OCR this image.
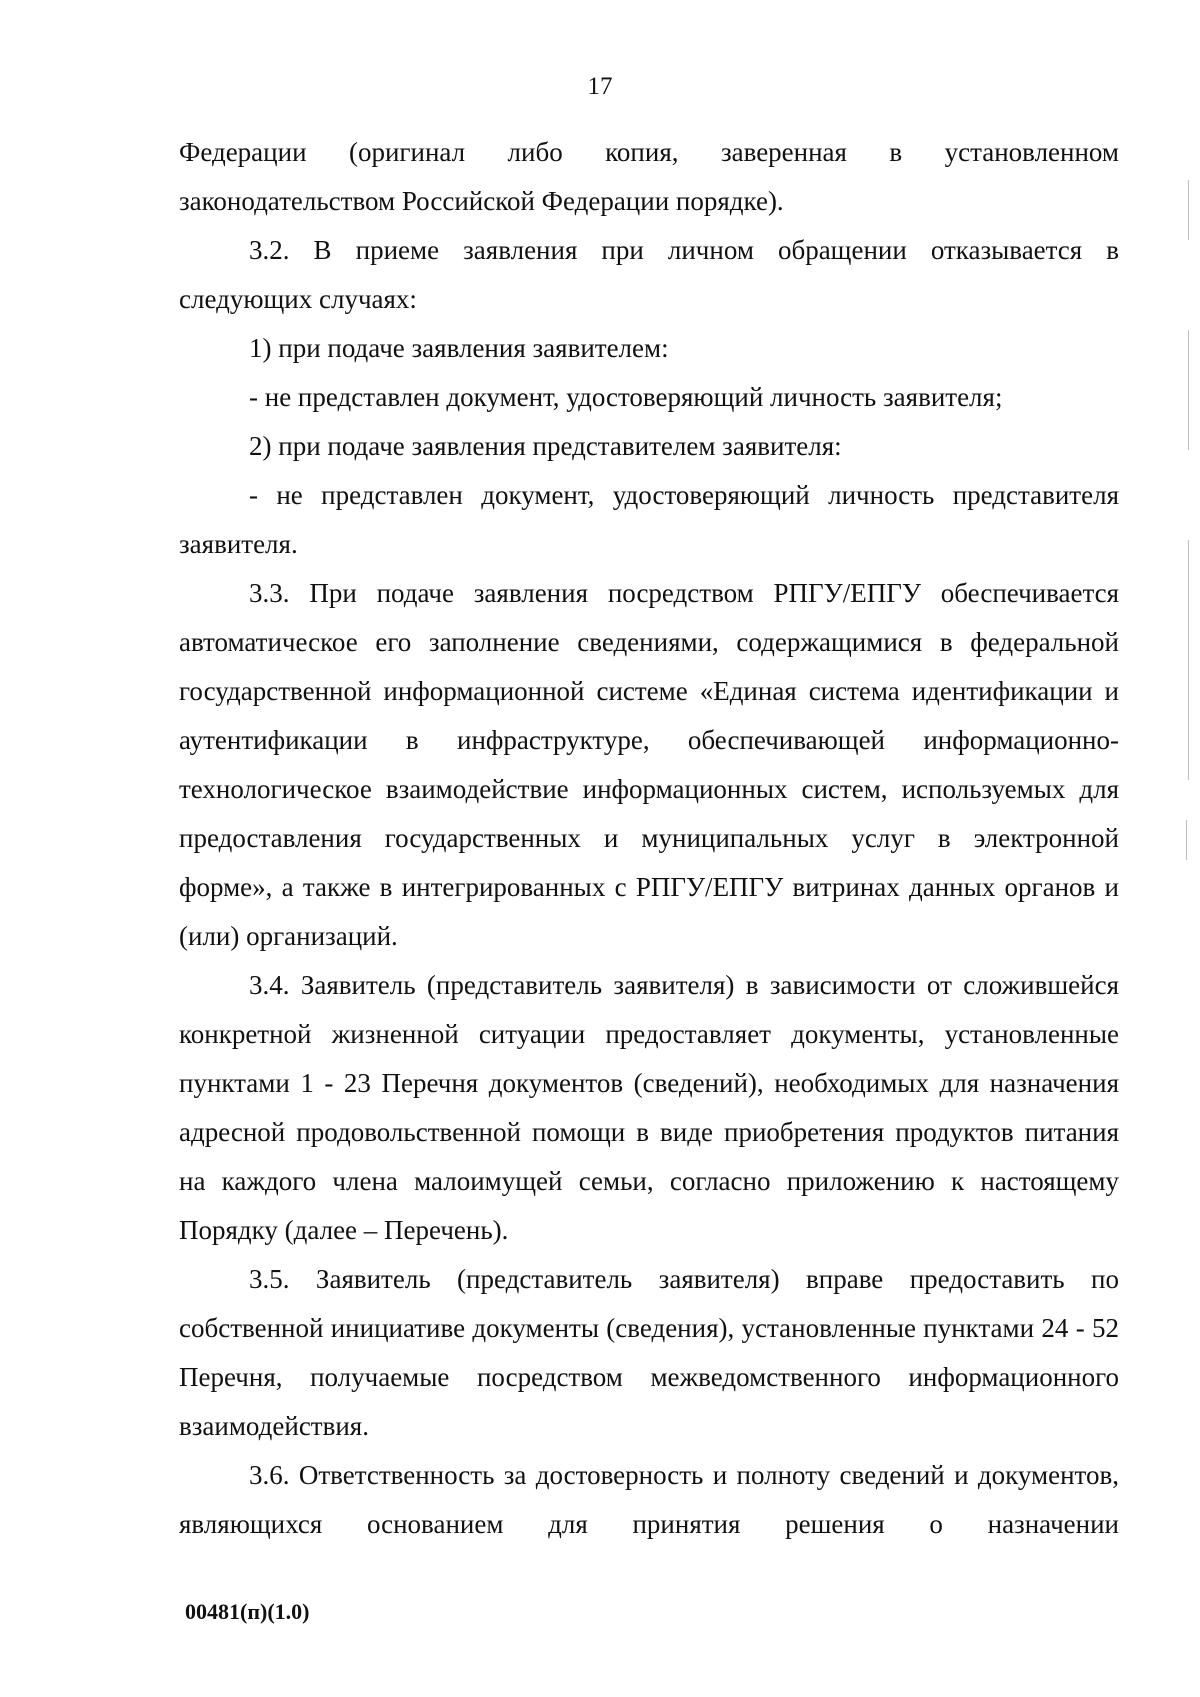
17

Федерации (оригинал либо копия, заверенная в установленном законодательством Российской Федерации порядке).

3.2. В приеме заявления при личном обращении отказывается в следующих случаях:

1) при подаче заявления заявителем:

- не представлен документ, удостоверяющий личность заявителя;

2) при подаче заявления представителем заявителя:

- не представлен документ, удостоверяющий личность представителя заявителя.

3.3. При подаче заявления посредством РПГУ/ЕПГУ обеспечивается автоматическое его заполнение сведениями, содержащимися в федеральной государственной информационной системе «Единая система идентификации и аутентификации в инфраструктуре, обеспечивающей информационно-технологическое взаимодействие информационных систем, используемых для предоставления государственных и муниципальных услуг в электронной форме», а также в интегрированных с РПГУ/ЕПГУ витринах данных органов и (или) организаций.

3.4. Заявитель (представитель заявителя) в зависимости от сложившейся конкретной жизненной ситуации предоставляет документы, установленные пунктами 1 - 23 Перечня документов (сведений), необходимых для назначения адресной продовольственной помощи в виде приобретения продуктов питания на каждого члена малоимущей семьи, согласно приложению к настоящему Порядку (далее – Перечень).

3.5. Заявитель (представитель заявителя) вправе предоставить по собственной инициативе документы (сведения), установленные пунктами 24 - 52 Перечня, получаемые посредством межведомственного информационного взаимодействия.

3.6. Ответственность за достоверность и полноту сведений и документов, являющихся основанием для принятия решения о назначении

00481(п)(1.0)
